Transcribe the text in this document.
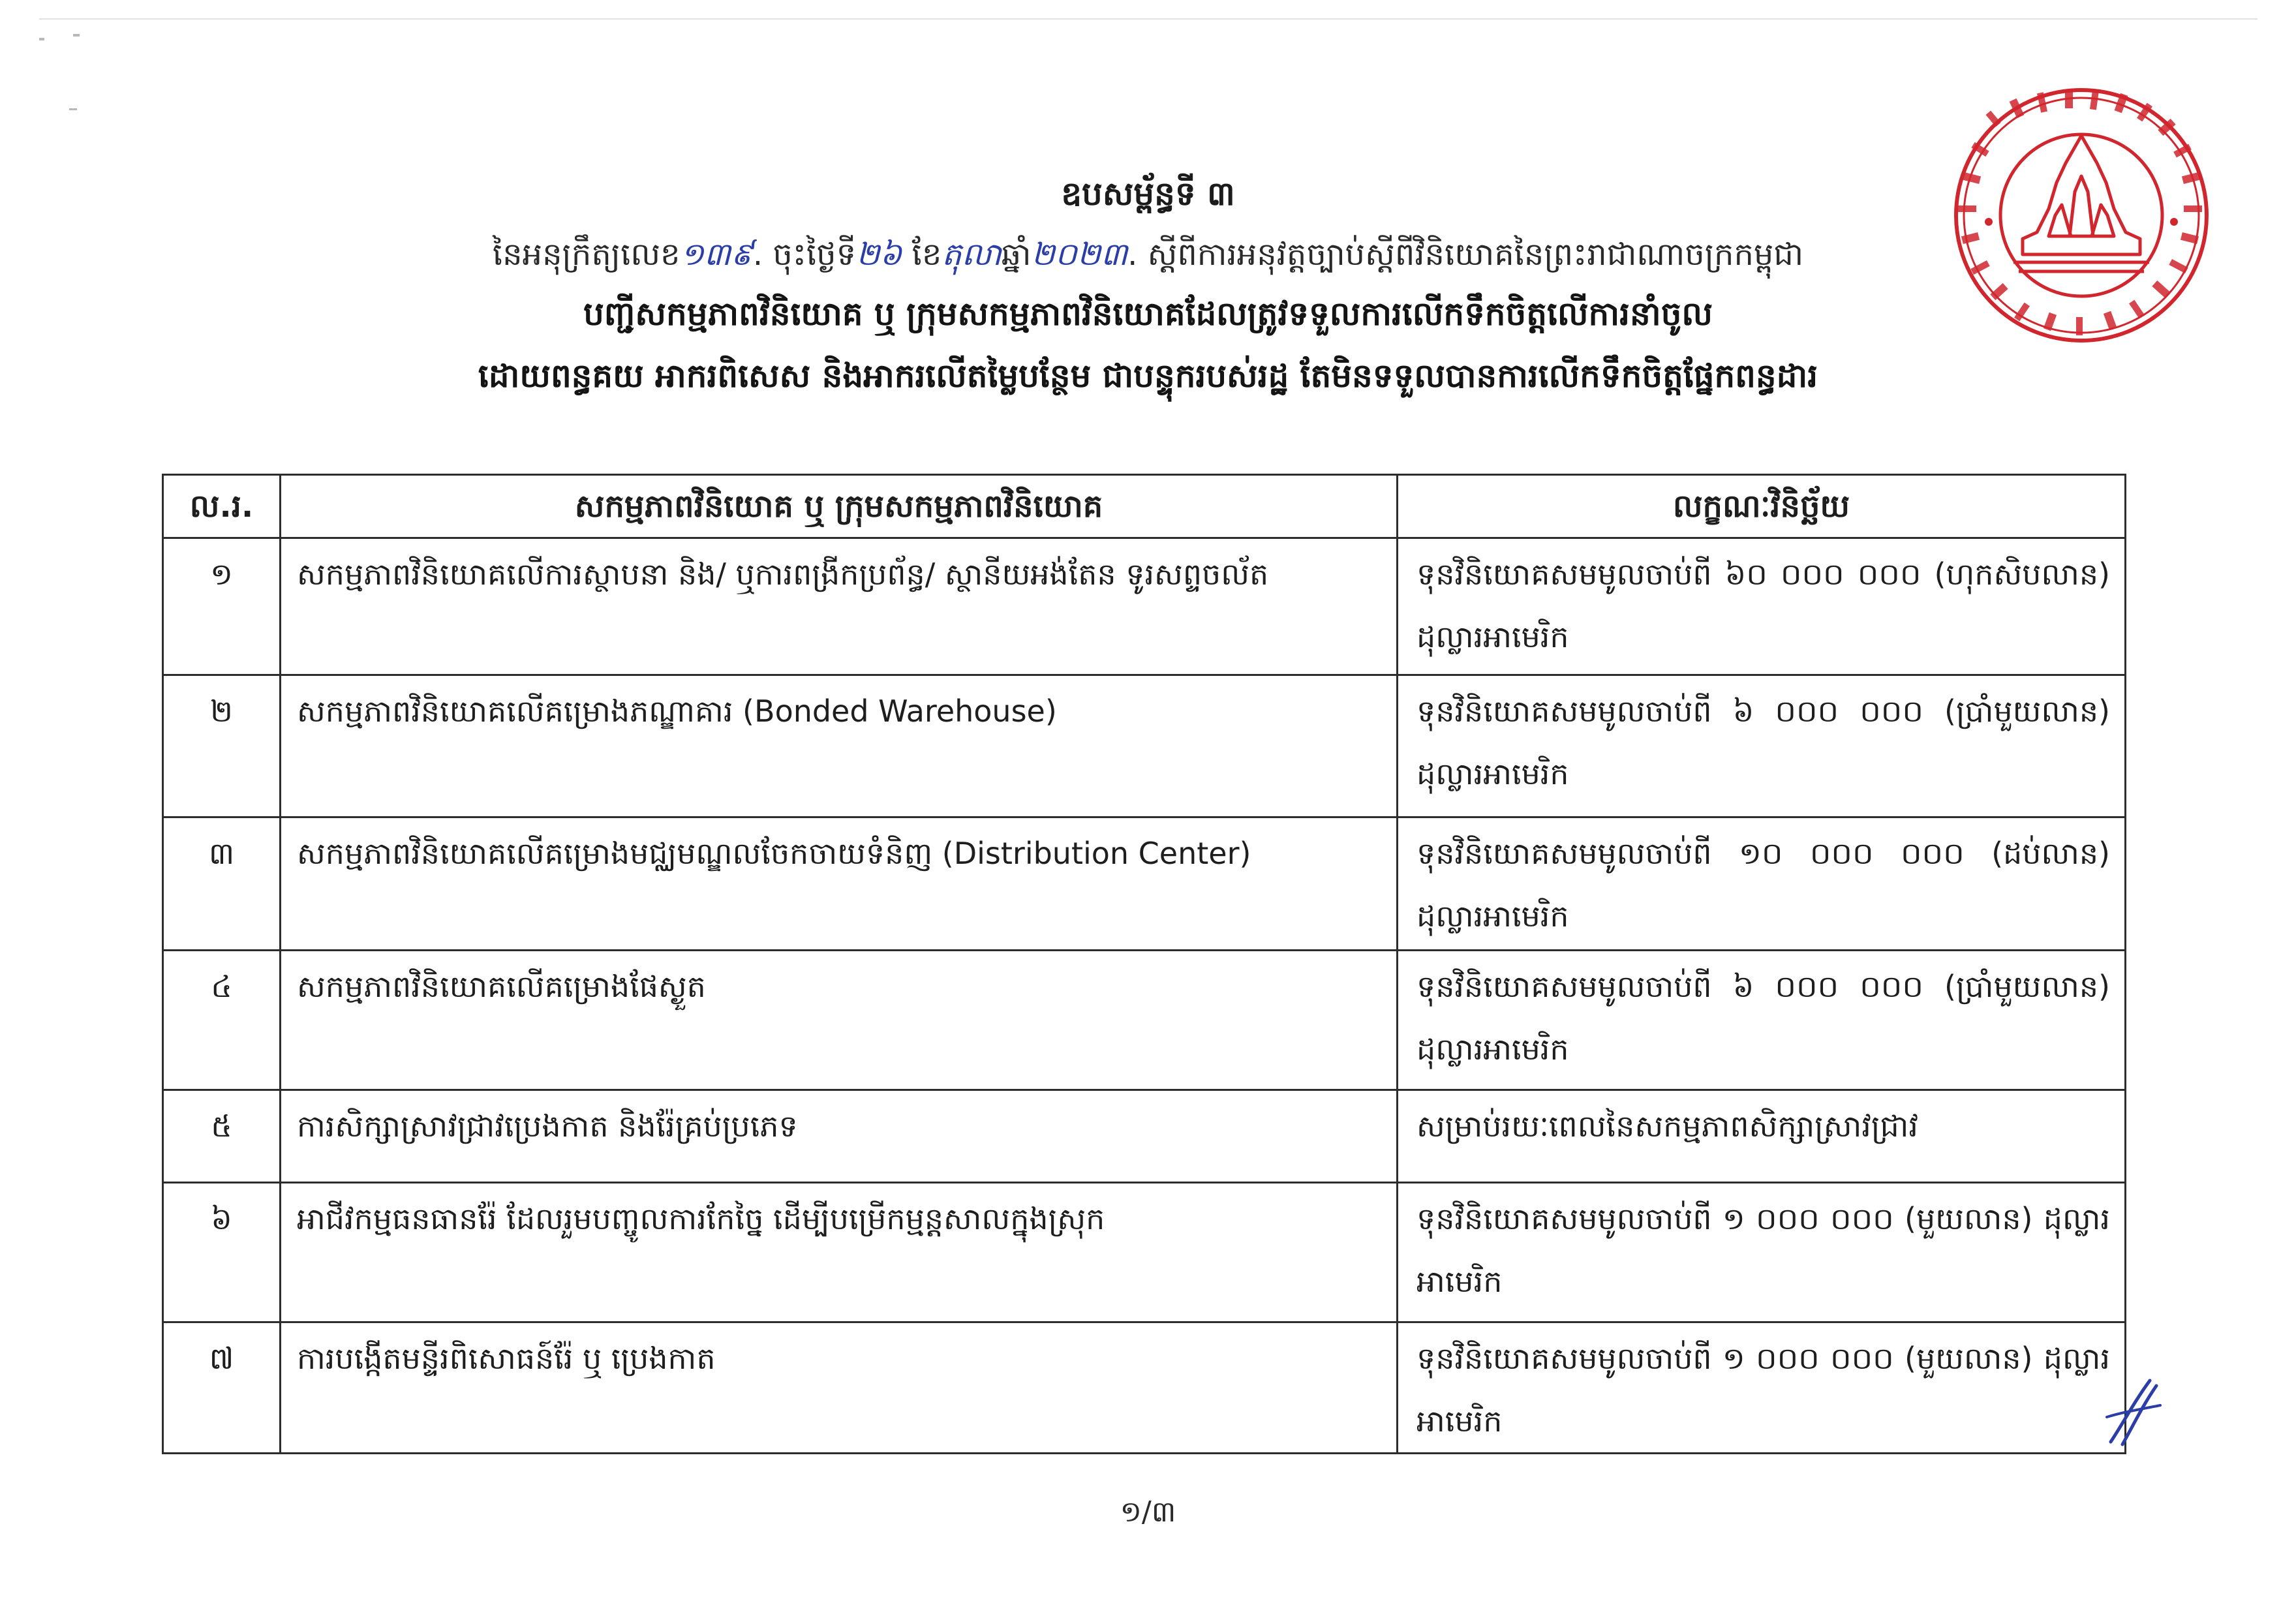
ឧបសម្ព័ន្ធទី ៣
នៃអនុក្រឹត្យលេខ១៣៩. ចុះថ្ងៃទី២៦ ខែតុលាឆ្នាំ២០២៣. ស្ដីពីការអនុវត្តច្បាប់ស្ដីពីវិនិយោគនៃព្រះរាជាណាចក្រកម្ពុជា
បញ្ជីសកម្មភាពវិនិយោគ ឬ ក្រុមសកម្មភាពវិនិយោគដែលត្រូវទទួលការលើកទឹកចិត្តលើការនាំចូល
ដោយពន្ធគយ អាករពិសេស និងអាករលើតម្លៃបន្ថែម ជាបន្ទុករបស់រដ្ឋ តែមិនទទួលបានការលើកទឹកចិត្តផ្នែកពន្ធដារ
ល.រ.	សកម្មភាពវិនិយោគ ឬ ក្រុមសកម្មភាពវិនិយោគ	លក្ខណៈវិនិច្ឆ័យ
១	សកម្មភាពវិនិយោគលើការស្ថាបនា និង/ ឬការពង្រីកប្រព័ន្ធ/ ស្ថានីយអង់តែន ទូរសព្ទចល័ត	ទុនវិនិយោគសមមូលចាប់ពី ៦០ ០០០ ០០០ (ហុកសិបលាន) ដុល្លារអាមេរិក
២	សកម្មភាពវិនិយោគលើគម្រោងភណ្ឌាគារ (Bonded Warehouse)	ទុនវិនិយោគសមមូលចាប់ពី ៦ ០០០ ០០០ (ប្រាំមួយលាន) ដុល្លារអាមេរិក
៣	សកម្មភាពវិនិយោគលើគម្រោងមជ្ឈមណ្ឌលចែកចាយទំនិញ (Distribution Center)	ទុនវិនិយោគសមមូលចាប់ពី ១០ ០០០ ០០០ (ដប់លាន) ដុល្លារអាមេរិក
៤	សកម្មភាពវិនិយោគលើគម្រោងផែស្ងួត	ទុនវិនិយោគសមមូលចាប់ពី ៦ ០០០ ០០០ (ប្រាំមួយលាន) ដុល្លារអាមេរិក
៥	ការសិក្សាស្រាវជ្រាវប្រេងកាត និងរ៉ែគ្រប់ប្រភេទ	សម្រាប់រយៈពេលនៃសកម្មភាពសិក្សាស្រាវជ្រាវ
៦	អាជីវកម្មធនធានរ៉ែ ដែលរួមបញ្ចូលការកែច្នៃ ដើម្បីបម្រើកម្មន្តសាលក្នុងស្រុក	ទុនវិនិយោគសមមូលចាប់ពី ១ ០០០ ០០០ (មួយលាន) ដុល្លារអាមេរិក
៧	ការបង្កើតមន្ទីរពិសោធន៍រ៉ែ ឬ ប្រេងកាត	ទុនវិនិយោគសមមូលចាប់ពី ១ ០០០ ០០០ (មួយលាន) ដុល្លារអាមេរិក
១/៣
